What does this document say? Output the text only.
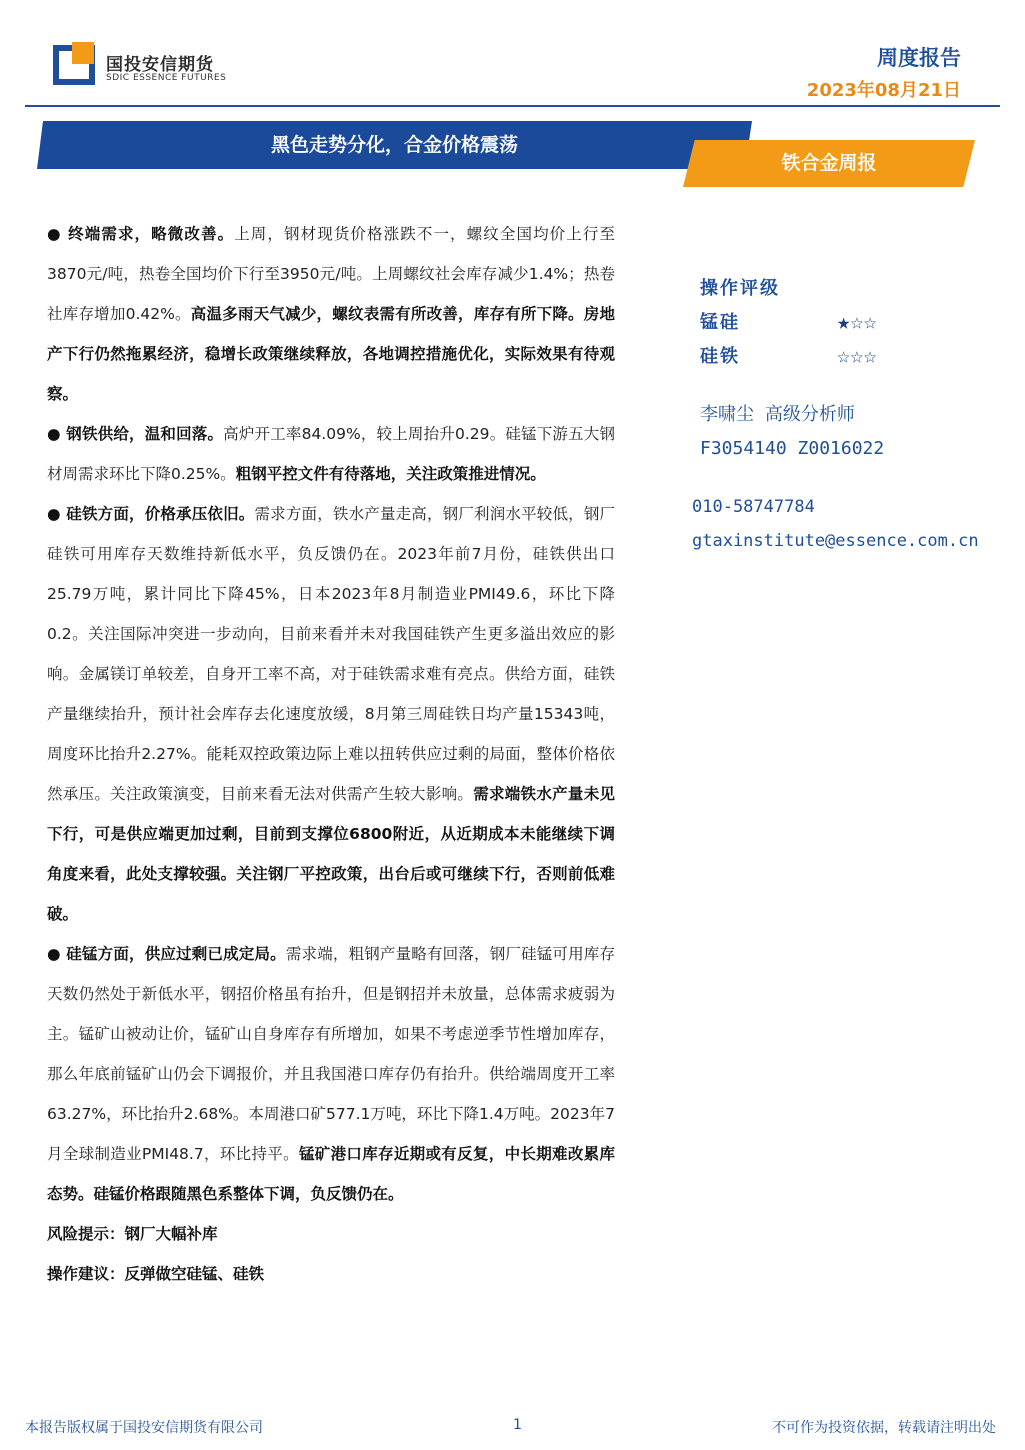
国投安信期货
SDIC ESSENCE FUTURES
周度报告
2023年08月21日
黑色走势分化，合金价格震荡
铁合金周报

● 终端需求，略微改善。上周，钢材现货价格涨跌不一，螺纹全国均价上行至3870元/吨，热卷全国均价下行至3950元/吨。上周螺纹社会库存减少1.4%；热卷社库存增加0.42%。高温多雨天气减少，螺纹表需有所改善，库存有所下降。房地产下行仍然拖累经济，稳增长政策继续释放，各地调控措施优化，实际效果有待观察。

● 钢铁供给，温和回落。高炉开工率84.09%，较上周抬升0.29。硅锰下游五大钢材周需求环比下降0.25%。粗钢平控文件有待落地，关注政策推进情况。

● 硅铁方面，价格承压依旧。需求方面，铁水产量走高，钢厂利润水平较低，钢厂硅铁可用库存天数维持新低水平，负反馈仍在。2023年前7月份，硅铁供出口25.79万吨，累计同比下降45%，日本2023年8月制造业PMI49.6，环比下降0.2。关注国际冲突进一步动向，目前来看并未对我国硅铁产生更多溢出效应的影响。金属镁订单较差，自身开工率不高，对于硅铁需求难有亮点。供给方面，硅铁产量继续抬升，预计社会库存去化速度放缓，8月第三周硅铁日均产量15343吨，周度环比抬升2.27%。能耗双控政策边际上难以扭转供应过剩的局面，整体价格依然承压。关注政策演变，目前来看无法对供需产生较大影响。需求端铁水产量未见下行，可是供应端更加过剩，目前到支撑位6800附近，从近期成本未能继续下调角度来看，此处支撑较强。关注钢厂平控政策，出台后或可继续下行，否则前低难破。

● 硅锰方面，供应过剩已成定局。需求端，粗钢产量略有回落，钢厂硅锰可用库存天数仍然处于新低水平，钢招价格虽有抬升，但是钢招并未放量，总体需求疲弱为主。锰矿山被动让价，锰矿山自身库存有所增加，如果不考虑逆季节性增加库存，那么年底前锰矿山仍会下调报价，并且我国港口库存仍有抬升。供给端周度开工率63.27%，环比抬升2.68%。本周港口矿577.1万吨，环比下降1.4万吨。2023年7月全球制造业PMI48.7，环比持平。锰矿港口库存近期或有反复，中长期难改累库态势。硅锰价格跟随黑色系整体下调，负反馈仍在。

风险提示：钢厂大幅补库

操作建议：反弹做空硅锰、硅铁

操作评级
锰硅	★☆☆
硅铁	☆☆☆
李啸尘 高级分析师
F3054140 Z0016022
010-58747784
gtaxinstitute@essence.com.cn
本报告版权属于国投安信期货有限公司	1	不可作为投资依据，转载请注明出处
